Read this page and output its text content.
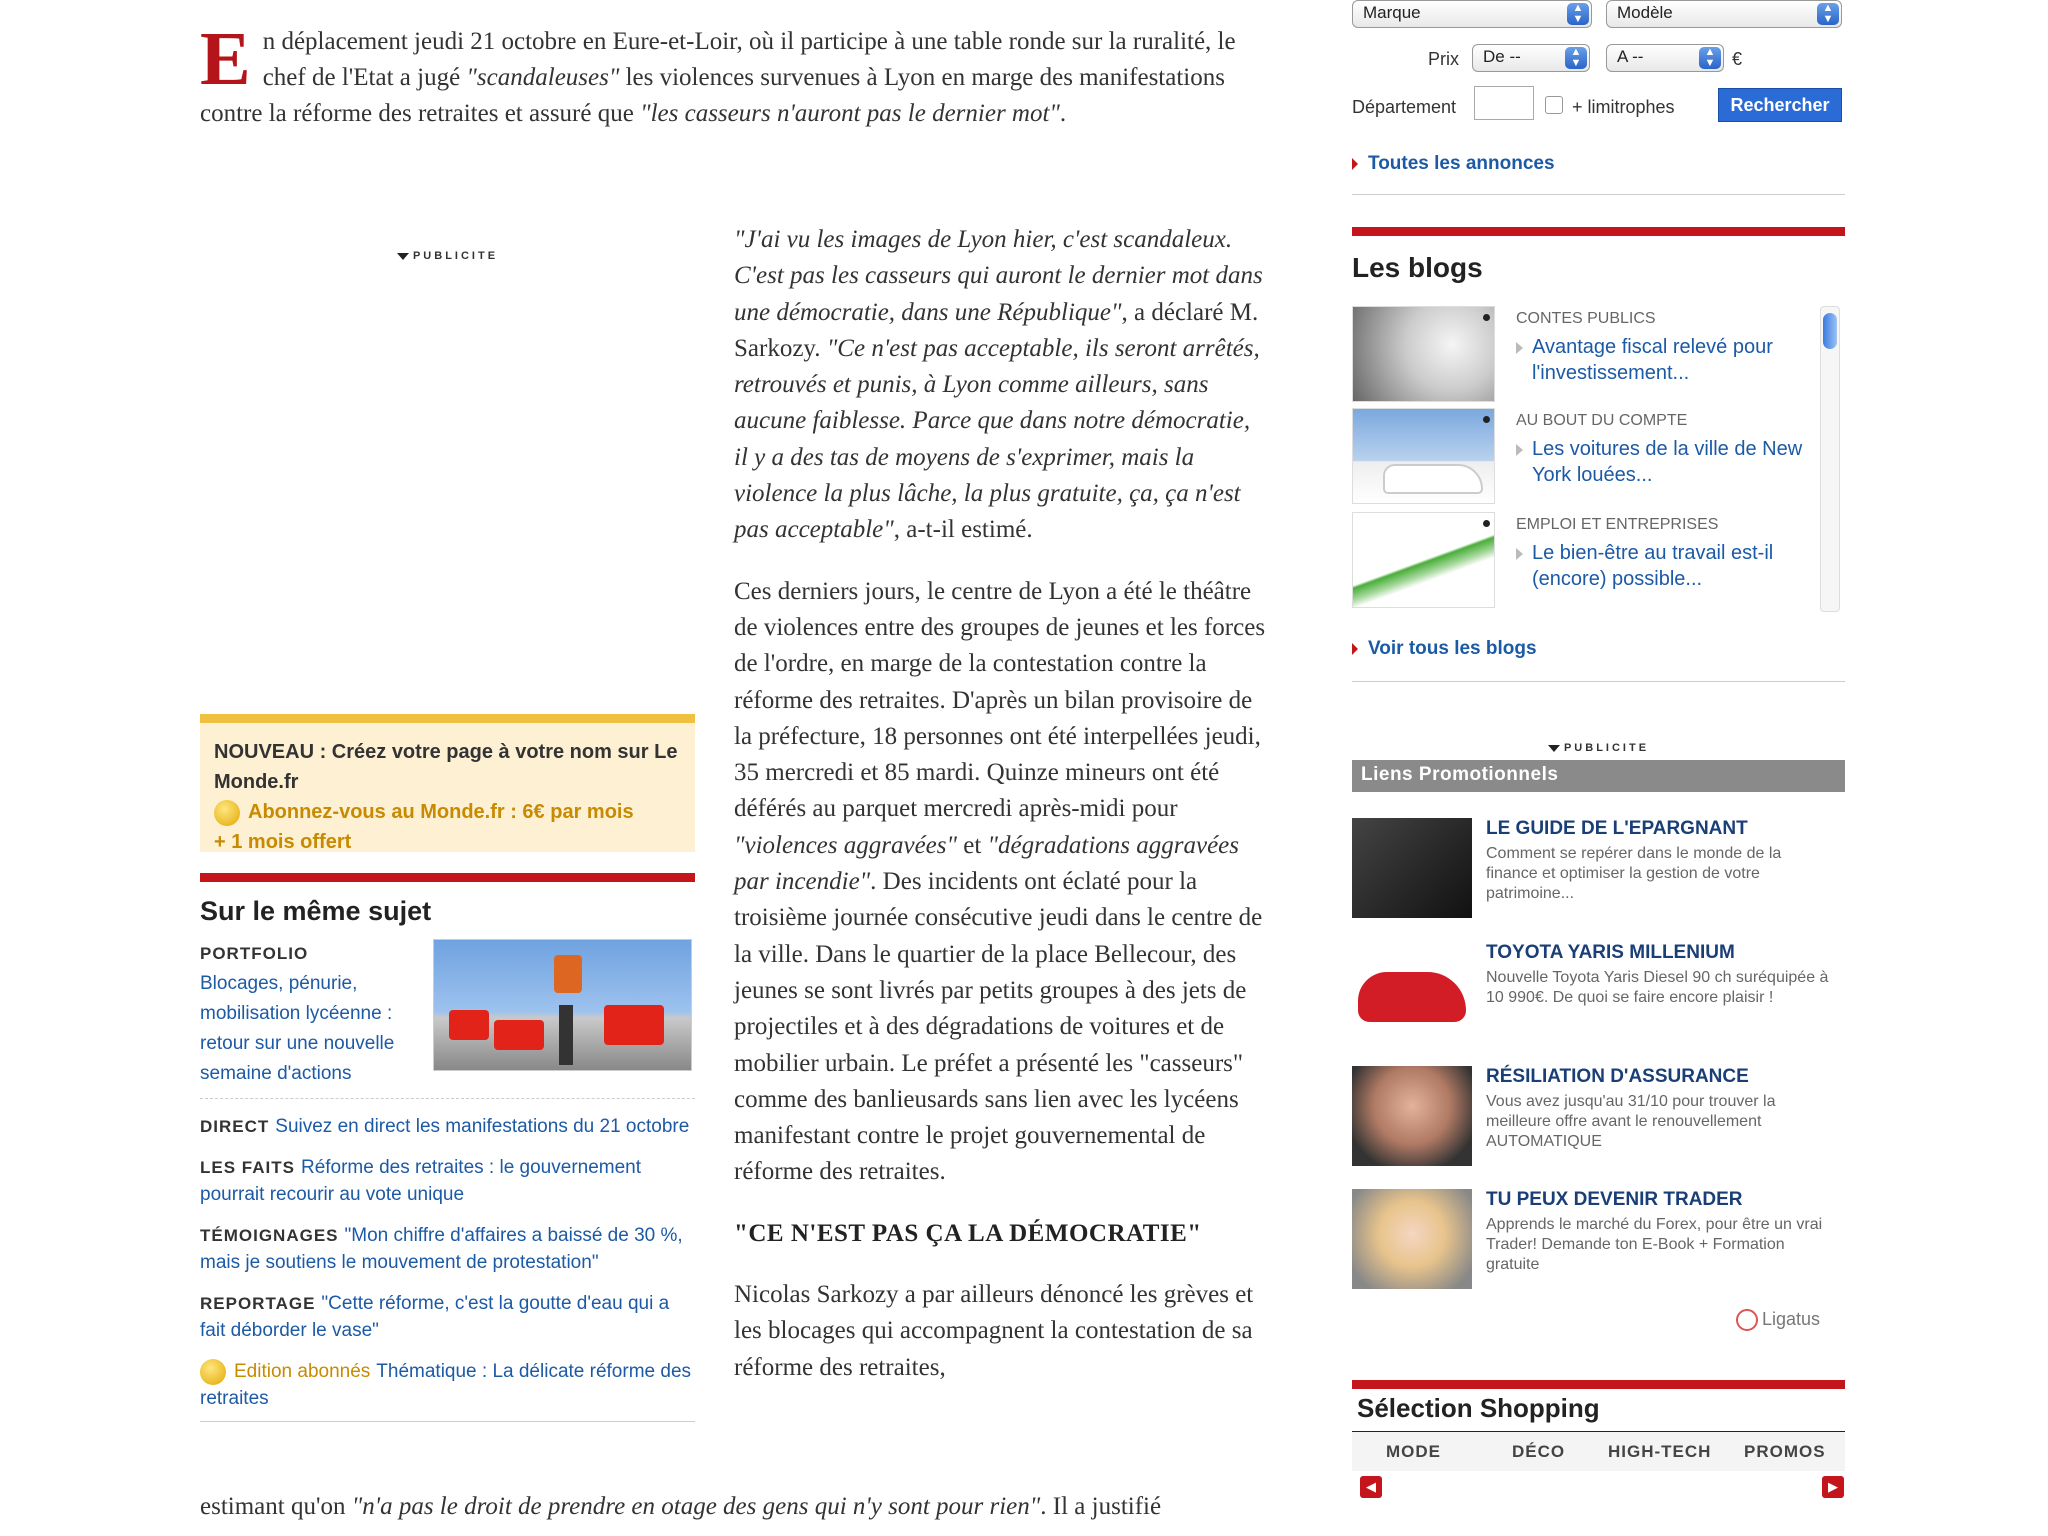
En déplacement jeudi 21 octobre en Eure-et-Loir, où il participe à une table ronde sur la ruralité, le chef de l'Etat a jugé "scandaleuses" les violences survenues à Lyon en marge des manifestations contre la réforme des retraites et assuré que "les casseurs n'auront pas le dernier mot".

PUBLICITE
NOUVEAU : Créez votre page à votre nom sur Le Monde.fr
Abonnez-vous au Monde.fr : 6€ par mois
+ 1 mois offert
Sur le même sujet
PORTFOLIO
Blocages, pénurie, mobilisation lycéenne : retour sur une nouvelle semaine d'actions
DIRECT Suivez en direct les manifestations du 21 octobre
LES FAITS Réforme des retraites : le gouvernement pourrait recourir au vote unique
TÉMOIGNAGES "Mon chiffre d'affaires a baissé de 30 %, mais je soutiens le mouvement de protestation"
REPORTAGE "Cette réforme, c'est la goutte d'eau qui a fait déborder le vase"
Edition abonnés Thématique : La délicate réforme des retraites

"J'ai vu les images de Lyon hier, c'est scandaleux. C'est pas les casseurs qui auront le dernier mot dans une démocratie, dans une République", a déclaré M. Sarkozy. "Ce n'est pas acceptable, ils seront arrêtés, retrouvés et punis, à Lyon comme ailleurs, sans aucune faiblesse. Parce que dans notre démocratie, il y a des tas de moyens de s'exprimer, mais la violence la plus lâche, la plus gratuite, ça, ça n'est pas acceptable", a-t-il estimé.

Ces derniers jours, le centre de Lyon a été le théâtre de violences entre des groupes de jeunes et les forces de l'ordre, en marge de la contestation contre la réforme des retraites. D'après un bilan provisoire de la préfecture, 18 personnes ont été interpellées jeudi, 35 mercredi et 85 mardi. Quinze mineurs ont été déférés au parquet mercredi après-midi pour "violences aggravées" et "dégradations aggravées par incendie". Des incidents ont éclaté pour la troisième journée consécutive jeudi dans le centre de la ville. Dans le quartier de la place Bellecour, des jeunes se sont livrés par petits groupes à des jets de projectiles et à des dégradations de voitures et de mobilier urbain. Le préfet a présenté les "casseurs" comme des banlieusards sans lien avec les lycéens manifestant contre le projet gouvernemental de réforme des retraites.

"CE N'EST PAS ÇA LA DÉMOCRATIE"

Nicolas Sarkozy a par ailleurs dénoncé les grèves et les blocages qui accompagnent la contestation de sa réforme des retraites,

estimant qu'on "n'a pas le droit de prendre en otage des gens qui n'y sont pour rien". Il a justifié
Marque	▲
▼	Modèle	▲
▼
Prix	De --	▲
▼	A --	▲
▼ €
Département	+ limitrophes	Rechercher
Toutes les annonces
Les blogs
CONTES PUBLICS
Avantage fiscal relevé pour l'investissement...
AU BOUT DU COMPTE
Les voitures de la ville de New York louées...
EMPLOI ET ENTREPRISES
Le bien-être au travail est-il (encore) possible...
Voir tous les blogs
PUBLICITE
Liens Promotionnels
LE GUIDE DE L'EPARGNANT
Comment se repérer dans le monde de la finance et optimiser la gestion de votre patrimoine...
TOYOTA YARIS MILLENIUM
Nouvelle Toyota Yaris Diesel 90 ch suréquipée à 10 990€. De quoi se faire encore plaisir !
RÉSILIATION D'ASSURANCE
Vous avez jusqu'au 31/10 pour trouver la meilleure offre avant le renouvellement AUTOMATIQUE
TU PEUX DEVENIR TRADER
Apprends le marché du Forex, pour être un vrai Trader! Demande ton E-Book + Formation gratuite
Ligatus
Sélection Shopping
MODE	DÉCO	HIGH-TECH PROMOS
◀	▶
